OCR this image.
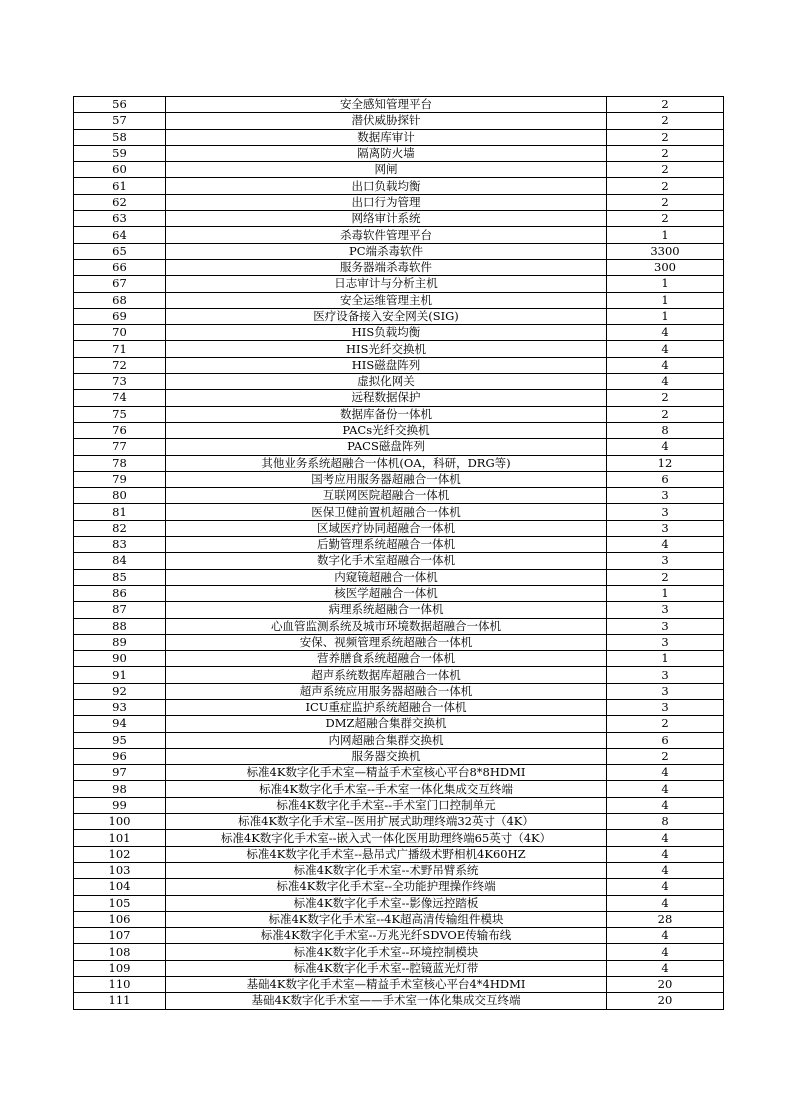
56	安全感知管理平台	2
57	潜伏威胁探针	2
58	数据库审计	2
59	隔离防火墙	2
60	网闸	2
61	出口负载均衡	2
62	出口行为管理	2
63	网络审计系统	2
64	杀毒软件管理平台	1
65	PC端杀毒软件	3300
66	服务器端杀毒软件	300
67	日志审计与分析主机	1
68	安全运维管理主机	1
69	医疗设备接入安全网关(SIG)	1
70	HIS负载均衡	4
71	HIS光纤交换机	4
72	HIS磁盘阵列	4
73	虚拟化网关	4
74	远程数据保护	2
75	数据库备份一体机	2
76	PACs光纤交换机	8
77	PACS磁盘阵列	4
78	其他业务系统超融合一体机(OA，科研，DRG等)	12
79	国考应用服务器超融合一体机	6
80	互联网医院超融合一体机	3
81	医保卫健前置机超融合一体机	3
82	区域医疗协同超融合一体机	3
83	后勤管理系统超融合一体机	4
84	数字化手术室超融合一体机	3
85	内窥镜超融合一体机	2
86	核医学超融合一体机	1
87	病理系统超融合一体机	3
88	心血管监测系统及城市环境数据超融合一体机	3
89	安保、视频管理系统超融合一体机	3
90	营养膳食系统超融合一体机	1
91	超声系统数据库超融合一体机	3
92	超声系统应用服务器超融合一体机	3
93	ICU重症监护系统超融合一体机	3
94	DMZ超融合集群交换机	2
95	内网超融合集群交换机	6
96	服务器交换机	2
97	标准4K数字化手术室—精益手术室核心平台8*8HDMI	4
98	标准4K数字化手术室--手术室一体化集成交互终端	4
99	标准4K数字化手术室--手术室门口控制单元	4
100	标准4K数字化手术室--医用扩展式助理终端32英寸（4K）	8
101	标准4K数字化手术室--嵌入式一体化医用助理终端65英寸（4K）	4
102	标准4K数字化手术室--悬吊式广播级术野相机4K60HZ	4
103	标准4K数字化手术室--术野吊臂系统	4
104	标准4K数字化手术室--全功能护理操作终端	4
105	标准4K数字化手术室--影像远控踏板	4
106	标准4K数字化手术室--4K超高清传输组件模块	28
107	标准4K数字化手术室--万兆光纤SDVOE传输布线	4
108	标准4K数字化手术室--环境控制模块	4
109	标准4K数字化手术室--腔镜蓝光灯带	4
110	基础4K数字化手术室—精益手术室核心平台4*4HDMI	20
111	基础4K数字化手术室——手术室一体化集成交互终端	20
